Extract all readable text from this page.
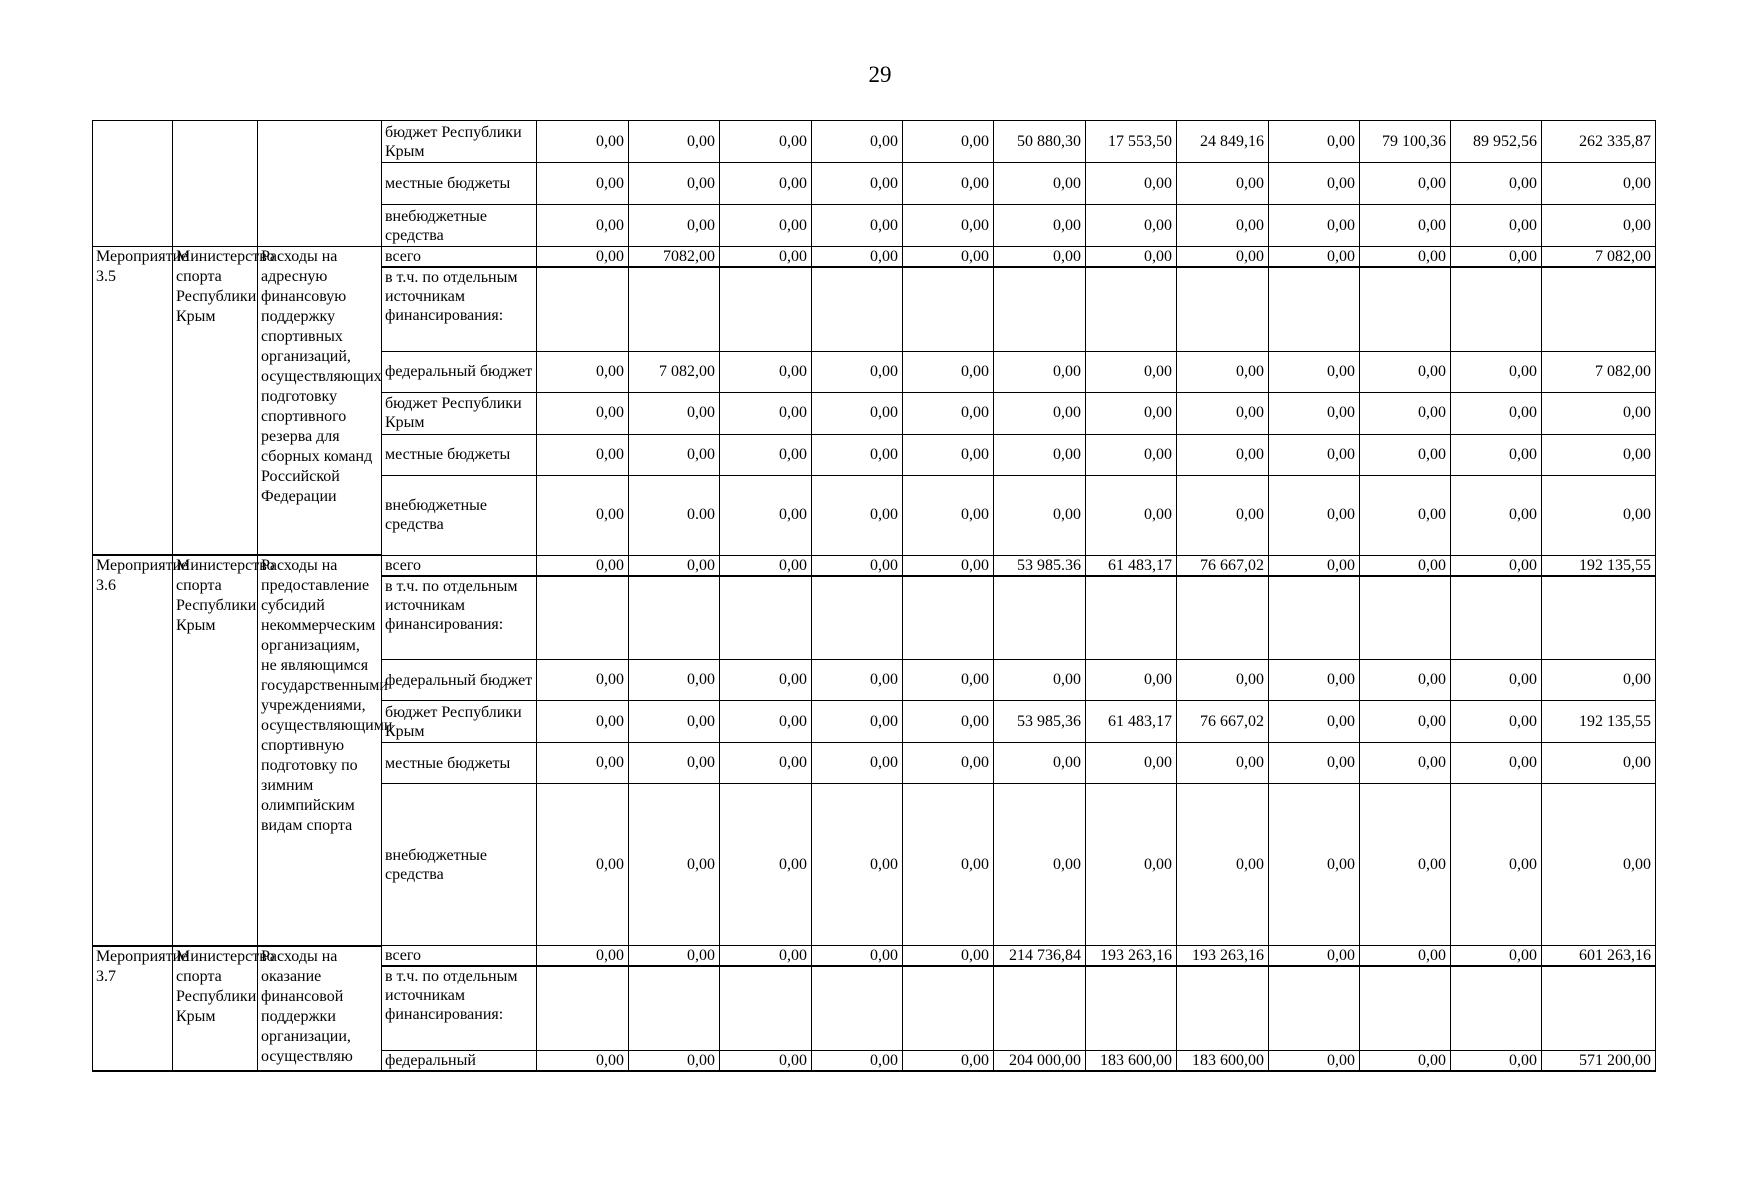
29
			бюджет Республики Крым	0,00	0,00	0,00	0,00	0,00	50 880,30	17 553,50	24 849,16	0,00	79 100,36	89 952,56	262 335,87
			местные бюджеты	0,00	0,00	0,00	0,00	0,00	0,00	0,00	0,00	0,00	0,00	0,00	0,00
			внебюджетные средства	0,00	0,00	0,00	0,00	0,00	0,00	0,00	0,00	0,00	0,00	0,00	0,00
Мероприятие 3.5	Министерство спорта Республики Крым	Расходы на адресную финансовую поддержку спортивных организаций, осуществляющих подготовку спортивного резерва для сборных команд Российской Федерации	всего	0,00	7082,00	0,00	0,00	0,00	0,00	0,00	0,00	0,00	0,00	0,00	7 082,00
			в т.ч. по отдельным источникам финансирования:												
			федеральный бюджет	0,00	7 082,00	0,00	0,00	0,00	0,00	0,00	0,00	0,00	0,00	0,00	7 082,00
			бюджет Республики Крым	0,00	0,00	0,00	0,00	0,00	0,00	0,00	0,00	0,00	0,00	0,00	0,00
			местные бюджеты	0,00	0,00	0,00	0,00	0,00	0,00	0,00	0,00	0,00	0,00	0,00	0,00
			внебюджетные средства	0,00	0.00	0,00	0,00	0,00	0,00	0,00	0,00	0,00	0,00	0,00	0,00
Мероприятие 3.6	Министерство спорта Республики Крым	Расходы на предоставление субсидий некоммерческим организациям, не являющимся государственными учреждениями, осуществляющими спортивную подготовку по зимним олимпийским видам спорта	всего	0,00	0,00	0,00	0,00	0,00	53 985.36	61 483,17	76 667,02	0,00	0,00	0,00	192 135,55
			в т.ч. по отдельным источникам финансирования:												
			федеральный бюджет	0,00	0,00	0,00	0,00	0,00	0,00	0,00	0,00	0,00	0,00	0,00	0,00
			бюджет Республики Крым	0,00	0,00	0,00	0,00	0,00	53 985,36	61 483,17	76 667,02	0,00	0,00	0,00	192 135,55
			местные бюджеты	0,00	0,00	0,00	0,00	0,00	0,00	0,00	0,00	0,00	0,00	0,00	0,00
			внебюджетные средства	0,00	0,00	0,00	0,00	0,00	0,00	0,00	0,00	0,00	0,00	0,00	0,00
Мероприятие 3.7	Министерство спорта Республики Крым	Расходы на оказание финансовой поддержки организации, осуществляю	всего	0,00	0,00	0,00	0,00	0,00	214 736,84	193 263,16	193 263,16	0,00	0,00	0,00	601 263,16
			в т.ч. по отдельным источникам финансирования:												
			федеральный	0,00	0,00	0,00	0,00	0,00	204 000,00	183 600,00	183 600,00	0,00	0,00	0,00	571 200,00
